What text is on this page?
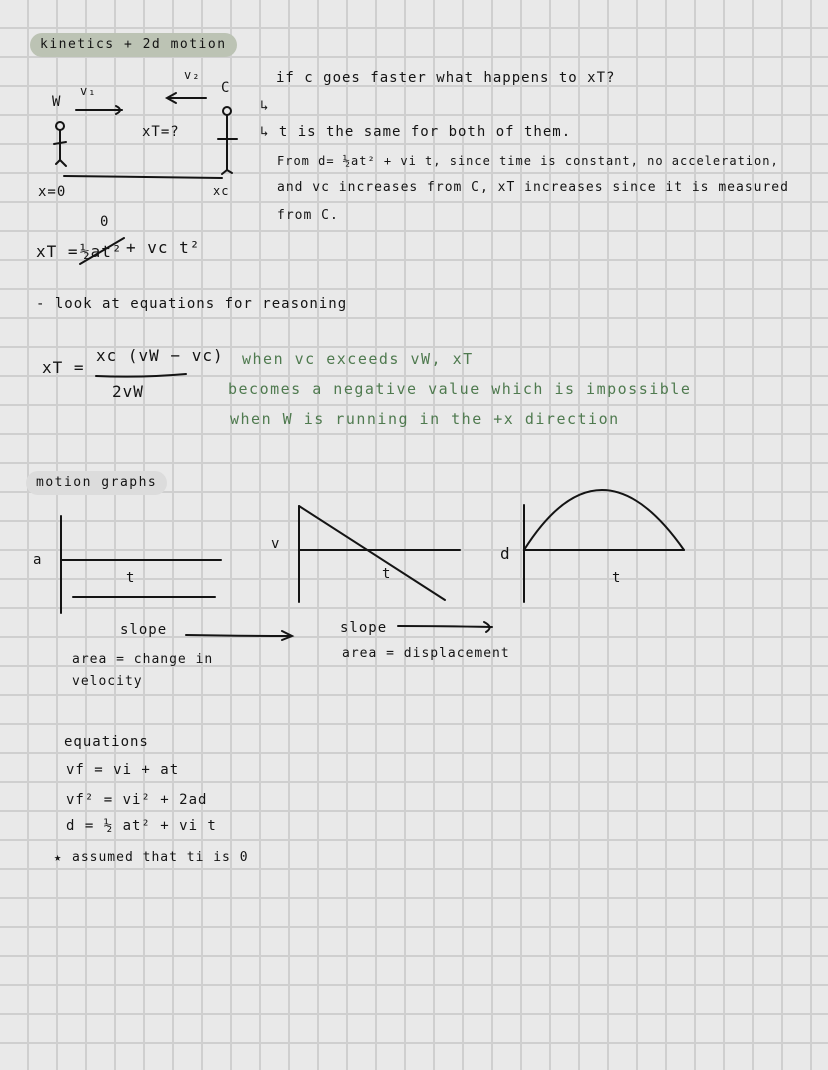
kinetics + 2d motion
W
C
v₁
v₂
xT=?
x=0	xc
if c goes faster what happens to xT?
↳
↳ t is the same for both of them.
From d= ½at² + vi t, since time is constant, no acceleration,
and vc increases from C, xT increases since it is measured
from C.
xT = ½at²
0
+ vc t²
- look at equations for reasoning
xT =
xc (vW − vc)
2vW
when vc exceeds vW, xT
becomes a negative value which is impossible
when W is running in the +x direction
motion graphs
a
t
v
t
d
t
slope
area = change in
velocity
slope
area = displacement
equations
vf = vi + at
vf² = vi² + 2ad
d = ½ at² + vi t
★ assumed that ti is 0
